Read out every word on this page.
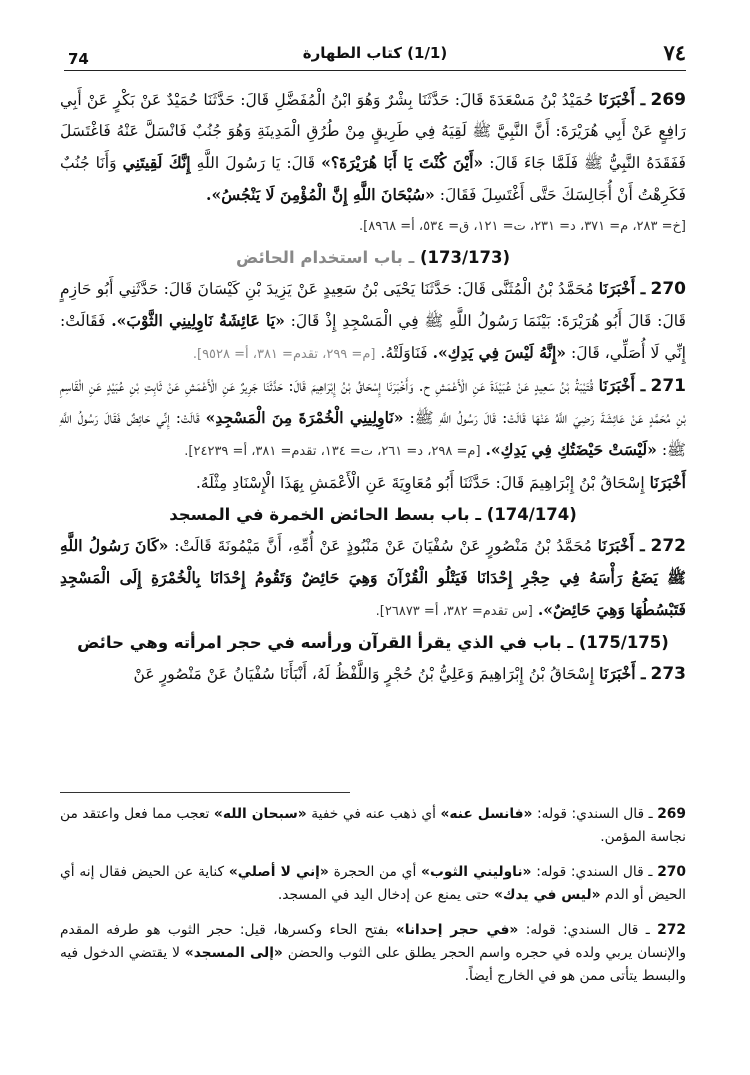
74	(1/1) كتاب الطهارة	٧٤
269 ـ أَخْبَرَنَا حُمَيْدُ بْنُ مَسْعَدَةَ قَالَ: حَدَّثَنَا بِشْرٌ وَهُوَ ابْنُ الْمُفَضَّلِ قَالَ: حَدَّثَنَا حُمَيْدٌ عَنْ بَكْرٍ عَنْ أَبِي رَافِعٍ عَنْ أَبِي هُرَيْرَةَ: أَنَّ النَّبِيَّ ﷺ لَقِيَهُ فِي طَرِيقٍ مِنْ طُرُقِ الْمَدِينَةِ وَهُوَ جُنُبٌ فَانْسَلَّ عَنْهُ فَاغْتَسَلَ فَفَقَدَهُ النَّبِيُّ ﷺ فَلَمَّا جَاءَ قَالَ: «أَيْنَ كُنْتَ يَا أَبَا هُرَيْرَةَ؟» قَالَ: يَا رَسُولَ اللَّهِ إِنَّكَ لَقِيتَنِي وَأَنَا جُنُبٌ فَكَرِهْتُ أَنْ أُجَالِسَكَ حَتَّى أَغْتَسِلَ فَقَالَ: «سُبْحَانَ اللَّهِ إِنَّ الْمُؤْمِنَ لَا يَنْجُسُ».
[خ= ٢٨٣، م= ٣٧١، د= ٢٣١، ت= ١٢١، ق= ٥٣٤، أ= ٨٩٦٨].
(173/173) ـ باب استخدام الحائض
270 ـ أَخْبَرَنَا مُحَمَّدُ بْنُ الْمُثَنَّى قَالَ: حَدَّثَنَا يَحْيَى بْنُ سَعِيدٍ عَنْ يَزِيدَ بْنِ كَيْسَانَ قَالَ: حَدَّثَنِي أَبُو حَازِمٍ قَالَ: قَالَ أَبُو هُرَيْرَةَ: بَيْنَمَا رَسُولُ اللَّهِ ﷺ فِي الْمَسْجِدِ إِذْ قَالَ: «يَا عَائِشَةُ نَاوِلِينِي الثَّوْبَ». فَقَالَتْ: إِنِّي لَا أُصَلِّي، قَالَ: «إِنَّهُ لَيْسَ فِي يَدِكِ». فَنَاوَلَتْهُ. [م= ٢٩٩، تقدم= ٣٨١، أ= ٩٥٢٨].
271 ـ أَخْبَرَنَا قُتَيْبَةُ بْنُ سَعِيدٍ عَنْ عُبَيْدَةَ عَنِ الْأَعْمَشِ ح. وَأَخْبَرَنَا إِسْحَاقُ بْنُ إِبْرَاهِيمَ قَالَ: حَدَّثَنَا جَرِيرٌ عَنِ الْأَعْمَشِ عَنْ ثَابِتِ بْنِ عُبَيْدٍ عَنِ الْقَاسِمِ بْنِ مُحَمَّدٍ عَنْ عَائِشَةَ رَضِيَ اللَّهُ عَنْهَا قَالَتْ: قَالَ رَسُولُ اللَّهِ ﷺ: «نَاوِلِينِي الْخُمْرَةَ مِنَ الْمَسْجِدِ» قَالَتْ: إِنِّي حَائِضٌ فَقَالَ رَسُولُ اللَّهِ ﷺ: «لَيْسَتْ حَيْضَتُكِ فِي يَدِكِ». [م= ٢٩٨، د= ٢٦١، ت= ١٣٤، تقدم= ٣٨١، أ= ٢٤٢٣٩].
أَخْبَرَنَا إِسْحَاقُ بْنُ إِبْرَاهِيمَ قَالَ: حَدَّثَنَا أَبُو مُعَاوِيَةَ عَنِ الْأَعْمَشِ بِهَذَا الْإِسْنَادِ مِثْلَهُ.
(174/174) ـ باب بسط الحائض الخمرة في المسجد
272 ـ أَخْبَرَنَا مُحَمَّدُ بْنُ مَنْصُورٍ عَنْ سُفْيَانَ عَنْ مَنْبُوذٍ عَنْ أُمِّهِ، أَنَّ مَيْمُونَةَ قَالَتْ: «كَانَ رَسُولُ اللَّهِ ﷺ يَضَعُ رَأْسَهُ فِي حِجْرِ إِحْدَانَا فَيَتْلُو الْقُرْآنَ وَهِيَ حَائِضٌ وَتَقُومُ إِحْدَانَا بِالْخُمْرَةِ إِلَى الْمَسْجِدِ فَتَبْسُطُهَا وَهِيَ حَائِضٌ». [س تقدم= ٣٨٢، أ= ٢٦٨٧٣].
(175/175) ـ باب في الذي يقرأ القرآن ورأسه في حجر امرأته وهي حائض
273 ـ أَخْبَرَنَا إِسْحَاقُ بْنُ إِبْرَاهِيمَ وَعَلِيُّ بْنُ حُجْرٍ وَاللَّفْظُ لَهُ، أَنْبَأَنَا سُفْيَانُ عَنْ مَنْصُورٍ عَنْ

269 ـ قال السندي: قوله: «فانسل عنه» أي ذهب عنه في خفية «سبحان الله» تعجب مما فعل واعتقد من نجاسة المؤمن.

270 ـ قال السندي: قوله: «ناوليني الثوب» أي من الحجرة «إني لا أصلي» كناية عن الحيض فقال إنه أي الحيض أو الدم «ليس في يدك» حتى يمنع عن إدخال اليد في المسجد.

272 ـ قال السندي: قوله: «في حجر إحدانا» بفتح الحاء وكسرها، قيل: حجر الثوب هو طرفه المقدم والإنسان يربي ولده في حجره واسم الحجر يطلق على الثوب والحضن «إلى المسجد» لا يقتضي الدخول فيه والبسط يتأتى ممن هو في الخارج أيضاً.
